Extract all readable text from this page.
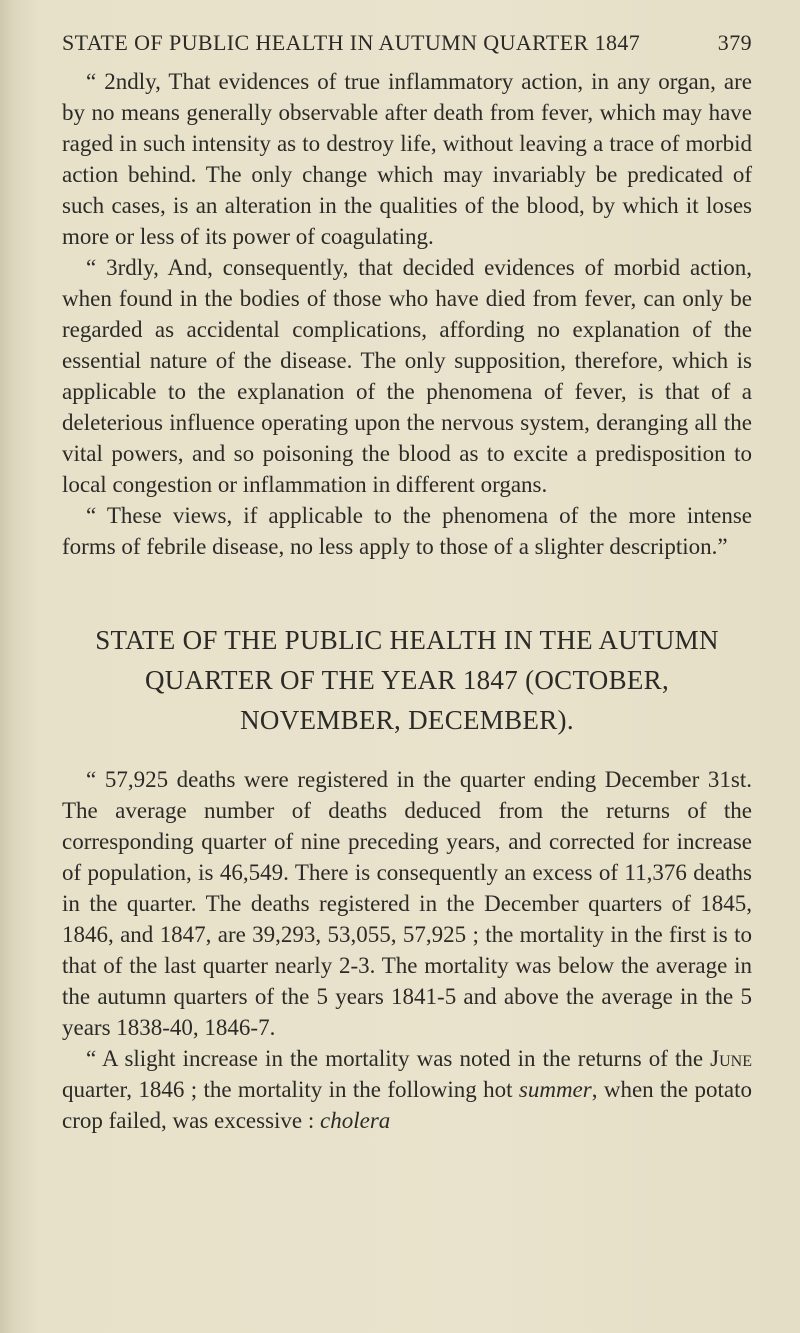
STATE OF PUBLIC HEALTH IN AUTUMN QUARTER 1847	379

“ 2ndly, That evidences of true inflammatory action, in any organ, are by no means generally observable after death from fever, which may have raged in such intensity as to destroy life, without leaving a trace of morbid action behind. The only change which may invariably be predicated of such cases, is an alteration in the qualities of the blood, by which it loses more or less of its power of coagulating.

“ 3rdly, And, consequently, that decided evidences of morbid action, when found in the bodies of those who have died from fever, can only be regarded as accidental complications, affording no explanation of the essential nature of the disease. The only supposition, therefore, which is applicable to the explanation of the phenomena of fever, is that of a deleterious influence operating upon the nervous system, deranging all the vital powers, and so poisoning the blood as to excite a predisposition to local congestion or inflammation in different organs.

“ These views, if applicable to the phenomena of the more intense forms of febrile disease, no less apply to those of a slighter description.”

STATE OF THE PUBLIC HEALTH IN THE AUTUMN
QUARTER OF THE YEAR 1847 (OCTOBER,
NOVEMBER, DECEMBER).

“ 57,925 deaths were registered in the quarter ending December 31st. The average number of deaths deduced from the returns of the corresponding quarter of nine preceding years, and corrected for increase of population, is 46,549. There is consequently an excess of 11,376 deaths in the quarter. The deaths registered in the December quarters of 1845, 1846, and 1847, are 39,293, 53,055, 57,925 ; the mortality in the first is to that of the last quarter nearly 2-3. The mortality was below the average in the autumn quarters of the 5 years 1841-5 and above the average in the 5 years 1838-40, 1846-7.

“ A slight increase in the mortality was noted in the returns of the June quarter, 1846 ; the mortality in the following hot summer, when the potato crop failed, was excessive : cholera
